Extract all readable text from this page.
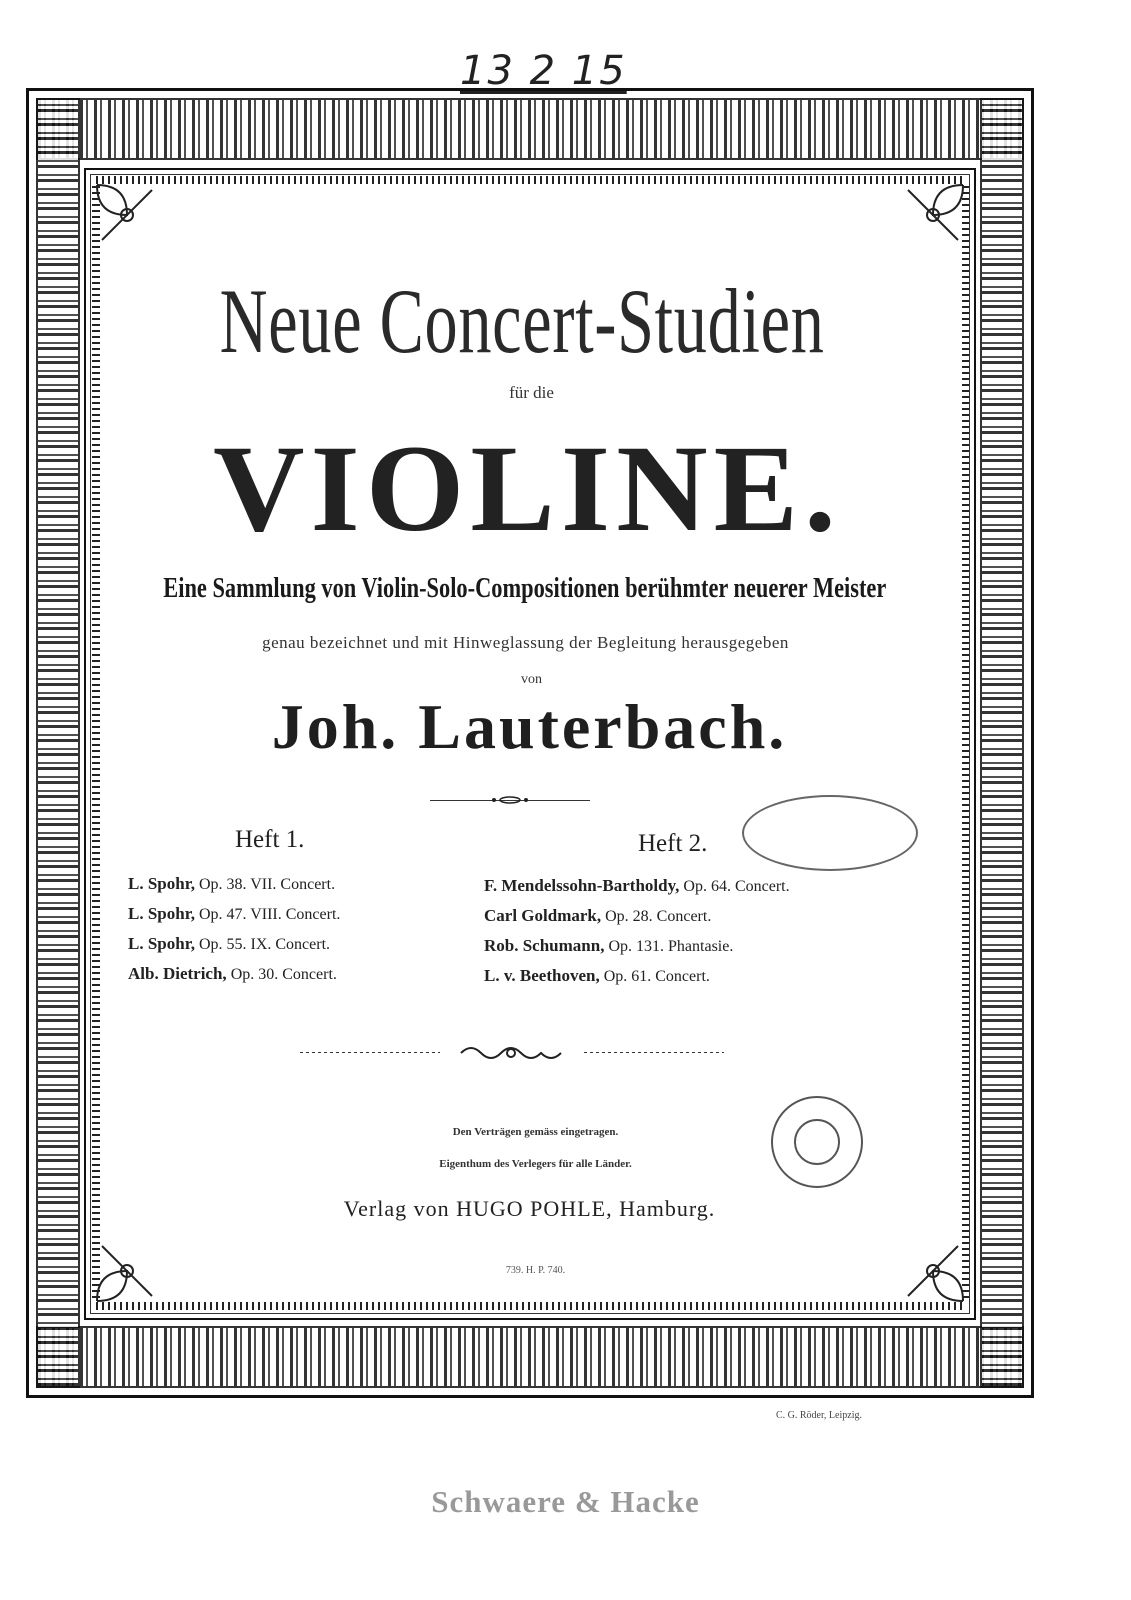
13 2 15
Neue Concert-Studien
für die
VIOLINE.
Eine Sammlung von Violin-Solo-Compositionen berühmter neuerer Meister
genau bezeichnet und mit Hinweglassung der Begleitung herausgegeben
von
Joh. Lauterbach.
Heft 1.	Heft 2.
L. Spohr, Op. 38. VII. Concert.
L. Spohr, Op. 47. VIII. Concert.
L. Spohr, Op. 55. IX. Concert.
Alb. Dietrich, Op. 30. Concert.
F. Mendelssohn-Bartholdy, Op. 64. Concert.
Carl Goldmark, Op. 28. Concert.
Rob. Schumann, Op. 131. Phantasie.
L. v. Beethoven, Op. 61. Concert.
Den Verträgen gemäss eingetragen.
Eigenthum des Verlegers für alle Länder.
Verlag von HUGO POHLE, Hamburg.
739. H. P. 740.
C. G. Röder, Leipzig.
Schwaere & Hacke
